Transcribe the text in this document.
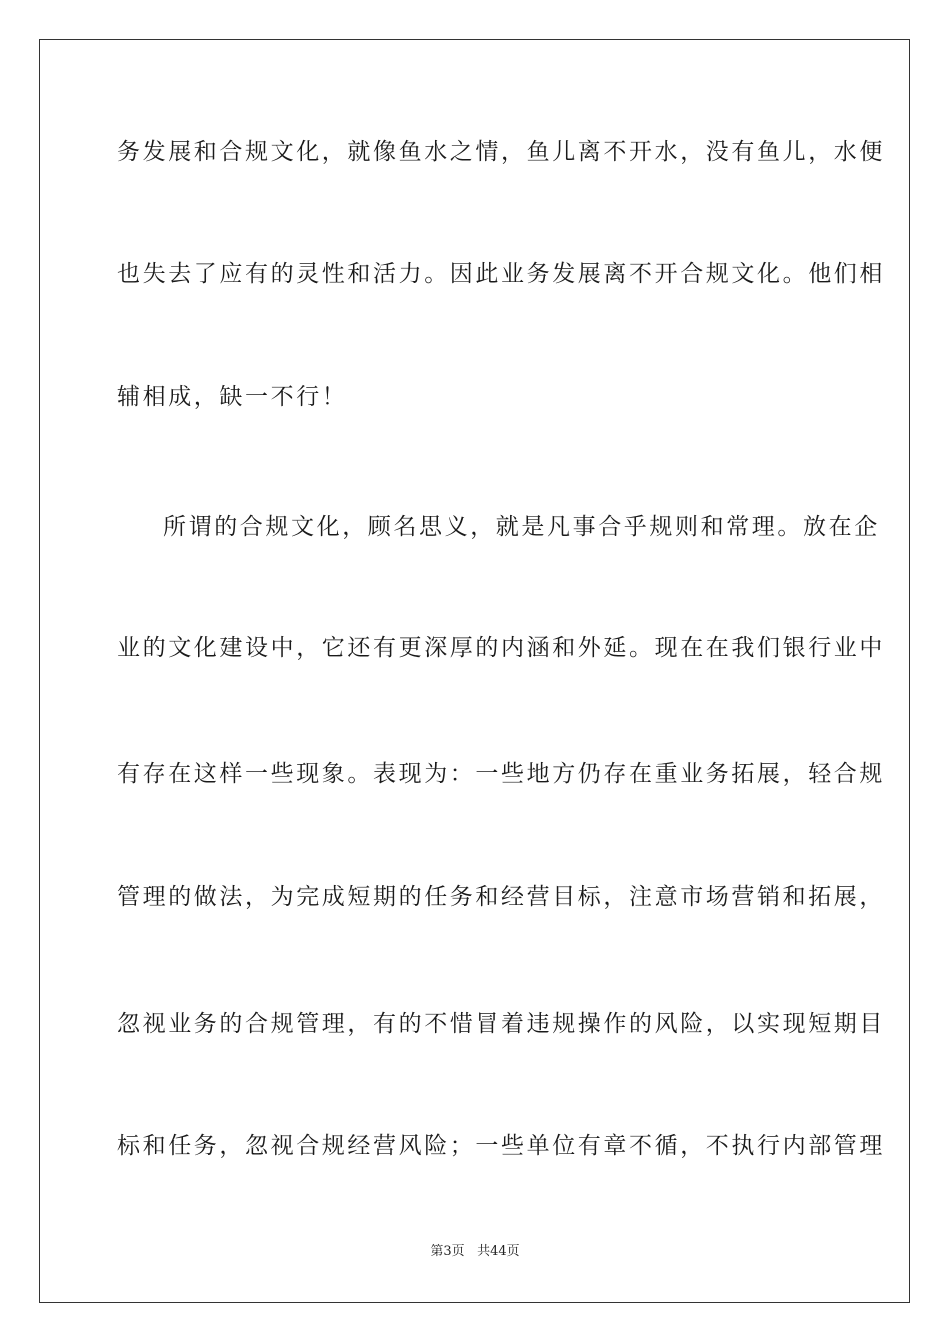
务发展和合规文化，就像鱼水之情，鱼儿离不开水，没有鱼儿，水便
也失去了应有的灵性和活力。因此业务发展离不开合规文化。他们相
辅相成，缺一不行！
所谓的合规文化，顾名思义，就是凡事合乎规则和常理。放在企
业的文化建设中，它还有更深厚的内涵和外延。现在在我们银行业中
有存在这样一些现象。表现为：一些地方仍存在重业务拓展，轻合规
管理的做法，为完成短期的任务和经营目标，注意市场营销和拓展，
忽视业务的合规管理，有的不惜冒着违规操作的风险，以实现短期目
标和任务，忽视合规经营风险；一些单位有章不循，不执行内部管理
第3页 共44页
